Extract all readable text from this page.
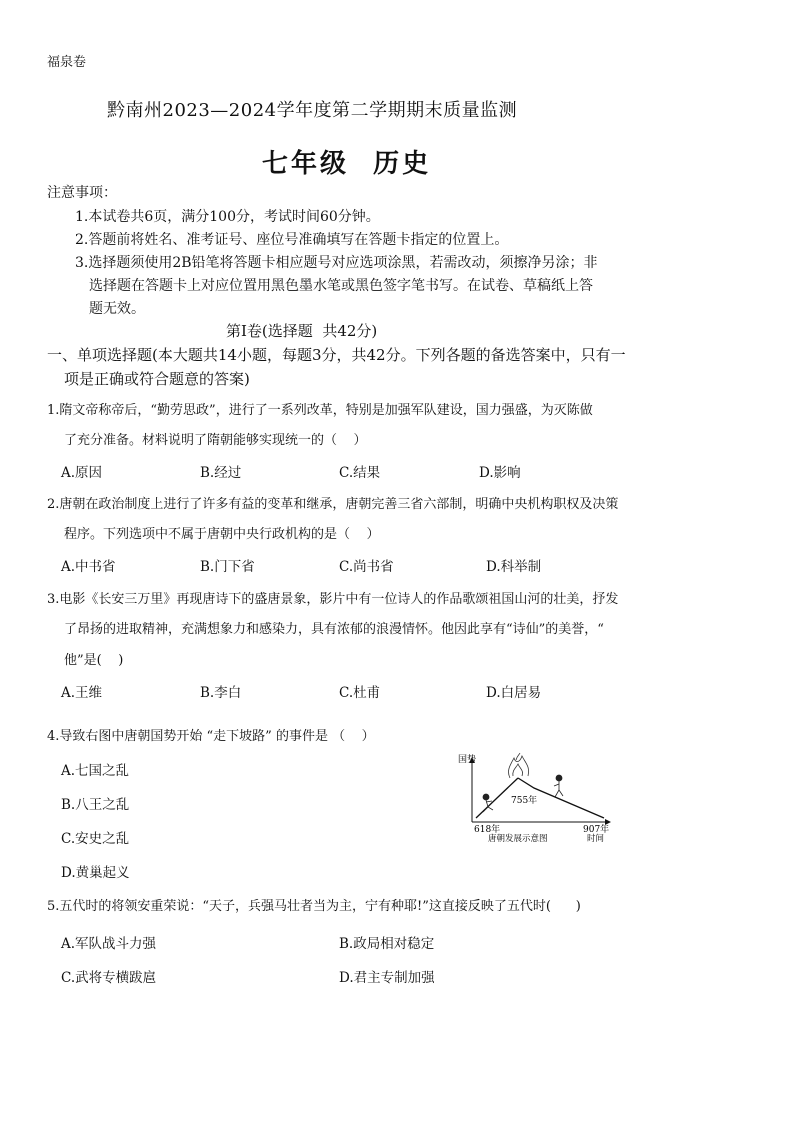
福泉卷
黔南州2023—2024学年度第二学期期末质量监测
七年级  历史
注意事项：
1.本试卷共6页，满分100分，考试时间60分钟。
2.答题前将姓名、准考证号、座位号准确填写在答题卡指定的位置上。
3.选择题须使用2B铅笔将答题卡相应题号对应选项涂黑，若需改动，须擦净另涂；非
选择题在答题卡上对应位置用黑色墨水笔或黑色签字笔书写。在试卷、草稿纸上答
题无效。
第Ⅰ卷(选择题  共42分)
一、单项选择题(本大题共14小题，每题3分，共42分。下列各题的备选答案中，只有一
项是正确或符合题意的答案)
1.隋文帝称帝后，“勤劳思政”，进行了一系列改革，特别是加强军队建设，国力强盛，为灭陈做
了充分准备。材料说明了隋朝能够实现统一的（    ）
A.原因	B.经过	C.结果	D.影响
2.唐朝在政治制度上进行了许多有益的变革和继承，唐朝完善三省六部制，明确中央机构职权及决策
程序。下列选项中不属于唐朝中央行政机构的是（    ）
A.中书省	B.门下省	C.尚书省	D.科举制
3.电影《长安三万里》再现唐诗下的盛唐景象，影片中有一位诗人的作品歌颂祖国山河的壮美，抒发
了昂扬的进取精神，充满想象力和感染力，具有浓郁的浪漫情怀。他因此享有“诗仙”的美誉，“
他”是(    )
A.王维	B.李白	C.杜甫	D.白居易
4.导致右图中唐朝国势开始 “走下坡路” 的事件是 （    ）
A.七国之乱
B.八王之乱
C.安史之乱
D.黄巢起义
国势
755年
618年	907年
唐朝发展示意图	时间
5.五代时的将领安重荣说：“天子，兵强马壮者当为主，宁有种耶!”这直接反映了五代时(      )
A.军队战斗力强	B.政局相对稳定
C.武将专横跋扈	D.君主专制加强
